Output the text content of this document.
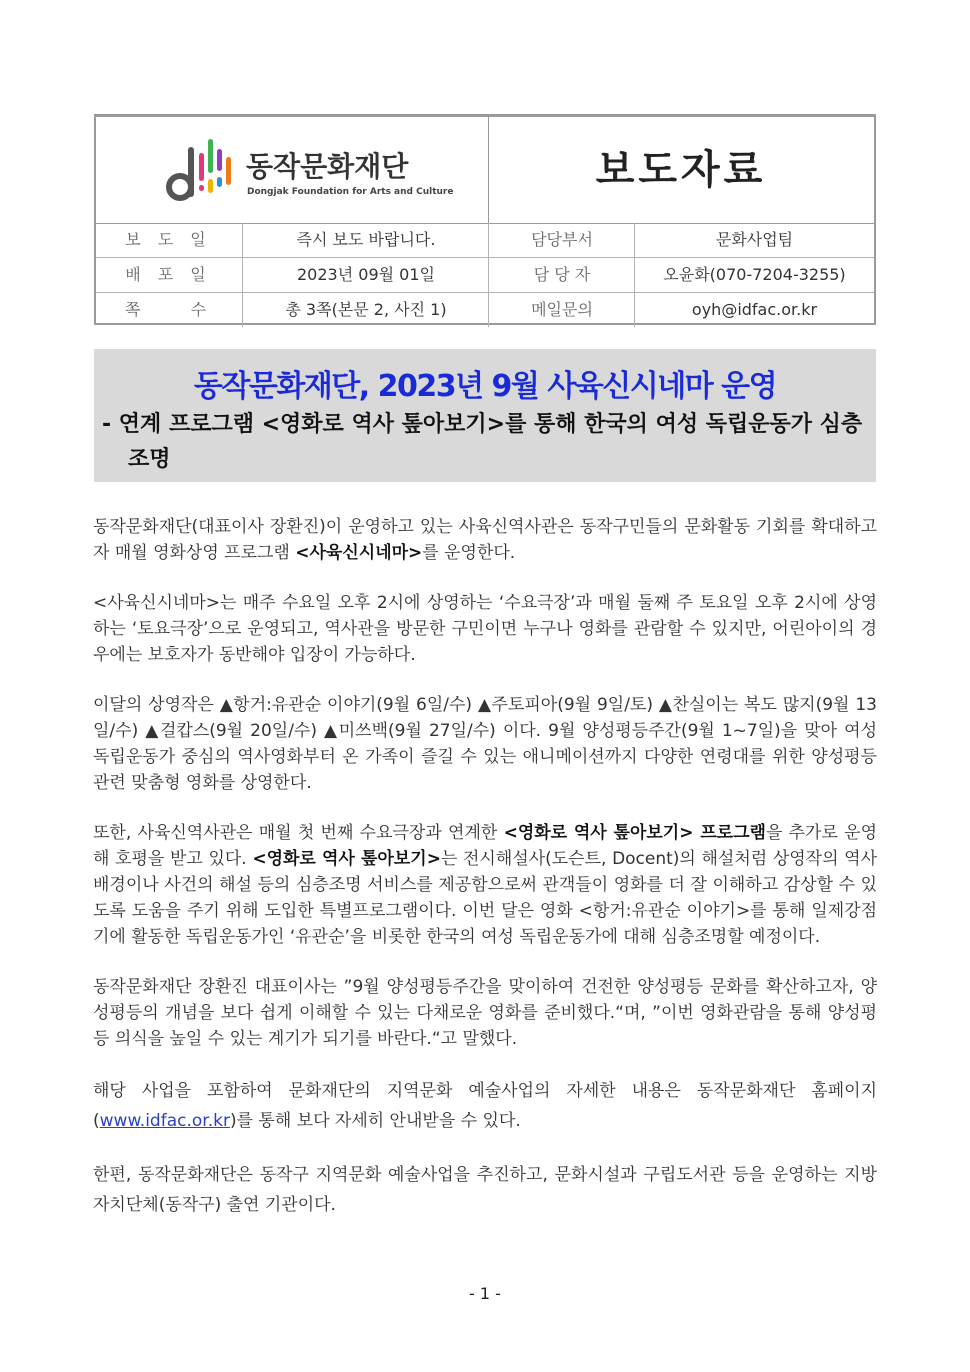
동작문화재단
Dongjak Foundation for Arts and Culture	보도자료
보 도 일	즉시 보도 바랍니다.	담당부서	문화사업팀
배 포 일	2023년 09월 01일	담 당 자	오윤화(070-7204-3255)
쪽    수	총 3쪽(본문 2, 사진 1)	메일문의	oyh@idfac.or.kr
동작문화재단, 2023년 9월 사육신시네마 운영
- 연계 프로그램 <영화로 역사 톺아보기>를 통해 한국의 여성 독립운동가 심층 조명

동작문화재단(대표이사 장환진)이 운영하고 있는 사육신역사관은 동작구민들의 문화활동 기회를 확대하고자 매월 영화상영 프로그램 <사육신시네마>를 운영한다.

<사육신시네마>는 매주 수요일 오후 2시에 상영하는 ‘수요극장’과 매월 둘째 주 토요일 오후 2시에 상영하는 ‘토요극장’으로 운영되고, 역사관을 방문한 구민이면 누구나 영화를 관람할 수 있지만, 어린아이의 경우에는 보호자가 동반해야 입장이 가능하다.

이달의 상영작은 ▲항거:유관순 이야기(9월 6일/수) ▲주토피아(9월 9일/토) ▲찬실이는 복도 많지(9월 13일/수) ▲걸캅스(9월 20일/수) ▲미쓰백(9월 27일/수) 이다. 9월 양성평등주간(9월 1~7일)을 맞아 여성 독립운동가 중심의 역사영화부터 온 가족이 즐길 수 있는 애니메이션까지 다양한 연령대를 위한 양성평등 관련 맞춤형 영화를 상영한다.

또한, 사육신역사관은 매월 첫 번째 수요극장과 연계한 <영화로 역사 톺아보기> 프로그램을 추가로 운영해 호평을 받고 있다. <영화로 역사 톺아보기>는 전시해설사(도슨트, Docent)의 해설처럼 상영작의 역사배경이나 사건의 해설 등의 심층조명 서비스를 제공함으로써 관객들이 영화를 더 잘 이해하고 감상할 수 있도록 도움을 주기 위해 도입한 특별프로그램이다. 이번 달은 영화 <항거:유관순 이야기>를 통해 일제강점기에 활동한 독립운동가인 ‘유관순’을 비롯한 한국의 여성 독립운동가에 대해 심층조명할 예정이다.

동작문화재단 장환진 대표이사는 ”9월 양성평등주간을 맞이하여 건전한 양성평등 문화를 확산하고자, 양성평등의 개념을 보다 쉽게 이해할 수 있는 다채로운 영화를 준비했다.“며, ”이번 영화관람을 통해 양성평등 의식을 높일 수 있는 계기가 되기를 바란다.“고 말했다.

해당 사업을 포함하여 문화재단의 지역문화 예술사업의 자세한 내용은 동작문화재단 홈페이지(www.idfac.or.kr)를 통해 보다 자세히 안내받을 수 있다.

한편, 동작문화재단은 동작구 지역문화 예술사업을 추진하고, 문화시설과 구립도서관 등을 운영하는 지방자치단체(동작구) 출연 기관이다.

- 1 -
